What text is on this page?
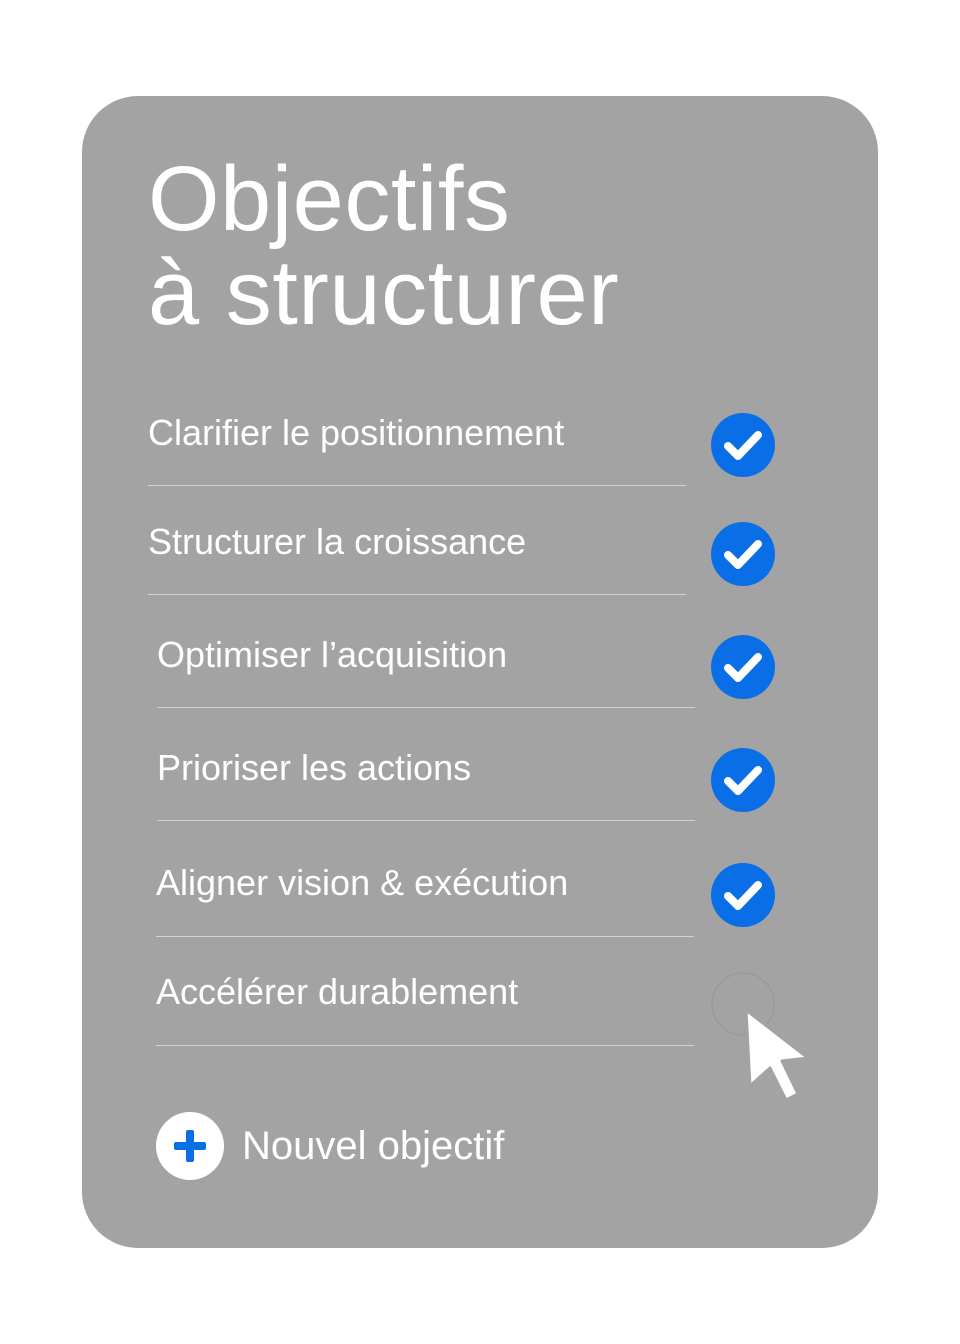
Objectifs
à structurer
Clarifier le positionnement
Structurer la croissance
Optimiser l’acquisition
Prioriser les actions
Aligner vision & exécution
Accélérer durablement
Nouvel objectif
